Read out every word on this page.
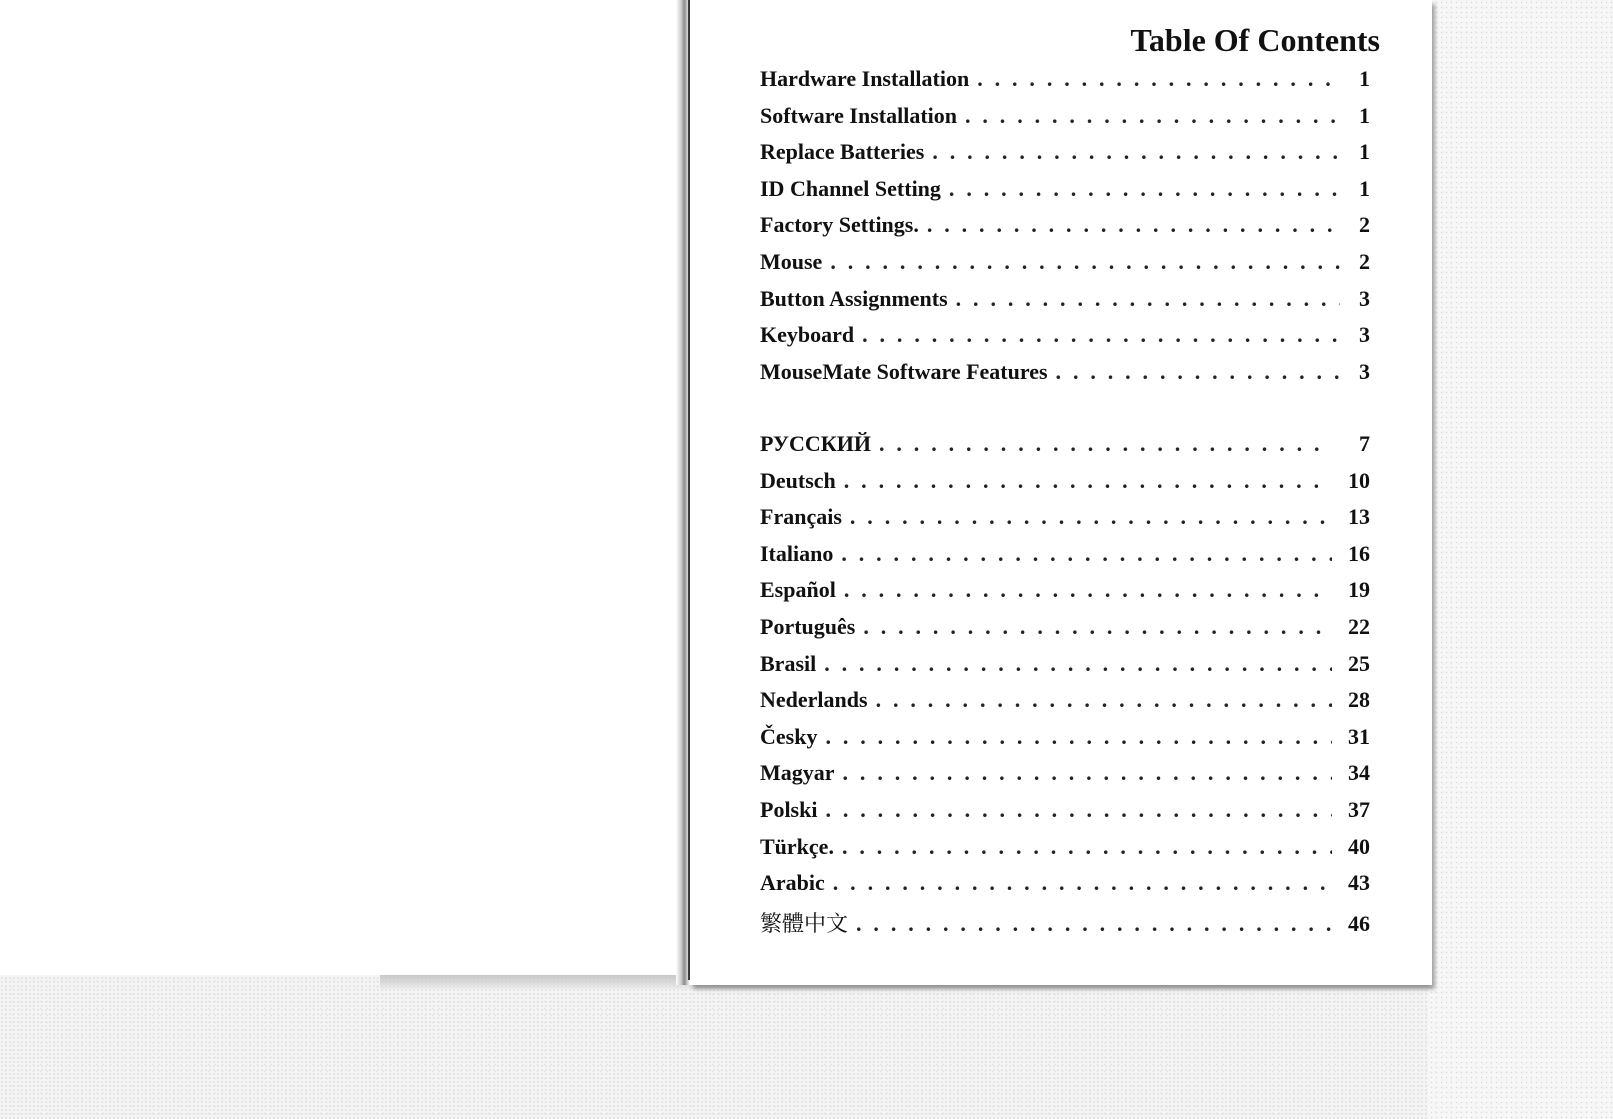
Table Of Contents
Hardware Installation . . .	1
Software Installation . . .	1
Replace Batteries . . .	1
ID Channel Setting . . .	1
Factory Settings. . . .	2
Mouse . . .	2
Button Assignments . . .	3
Keyboard . . .	3
MouseMate Software Features . . .	3
РУССКИЙ . . .	7
Deutsch . . .	10
Français . . .	13
Italiano . . .	16
Español . . .	19
Português . . .	22
Brasil . . .	25
Nederlands . . .	28
Česky . . .	31
Magyar . . .	34
Polski . . .	37
Türkçe. . . .	40
Arabic . . .	43
繁體中文 . . .	46
